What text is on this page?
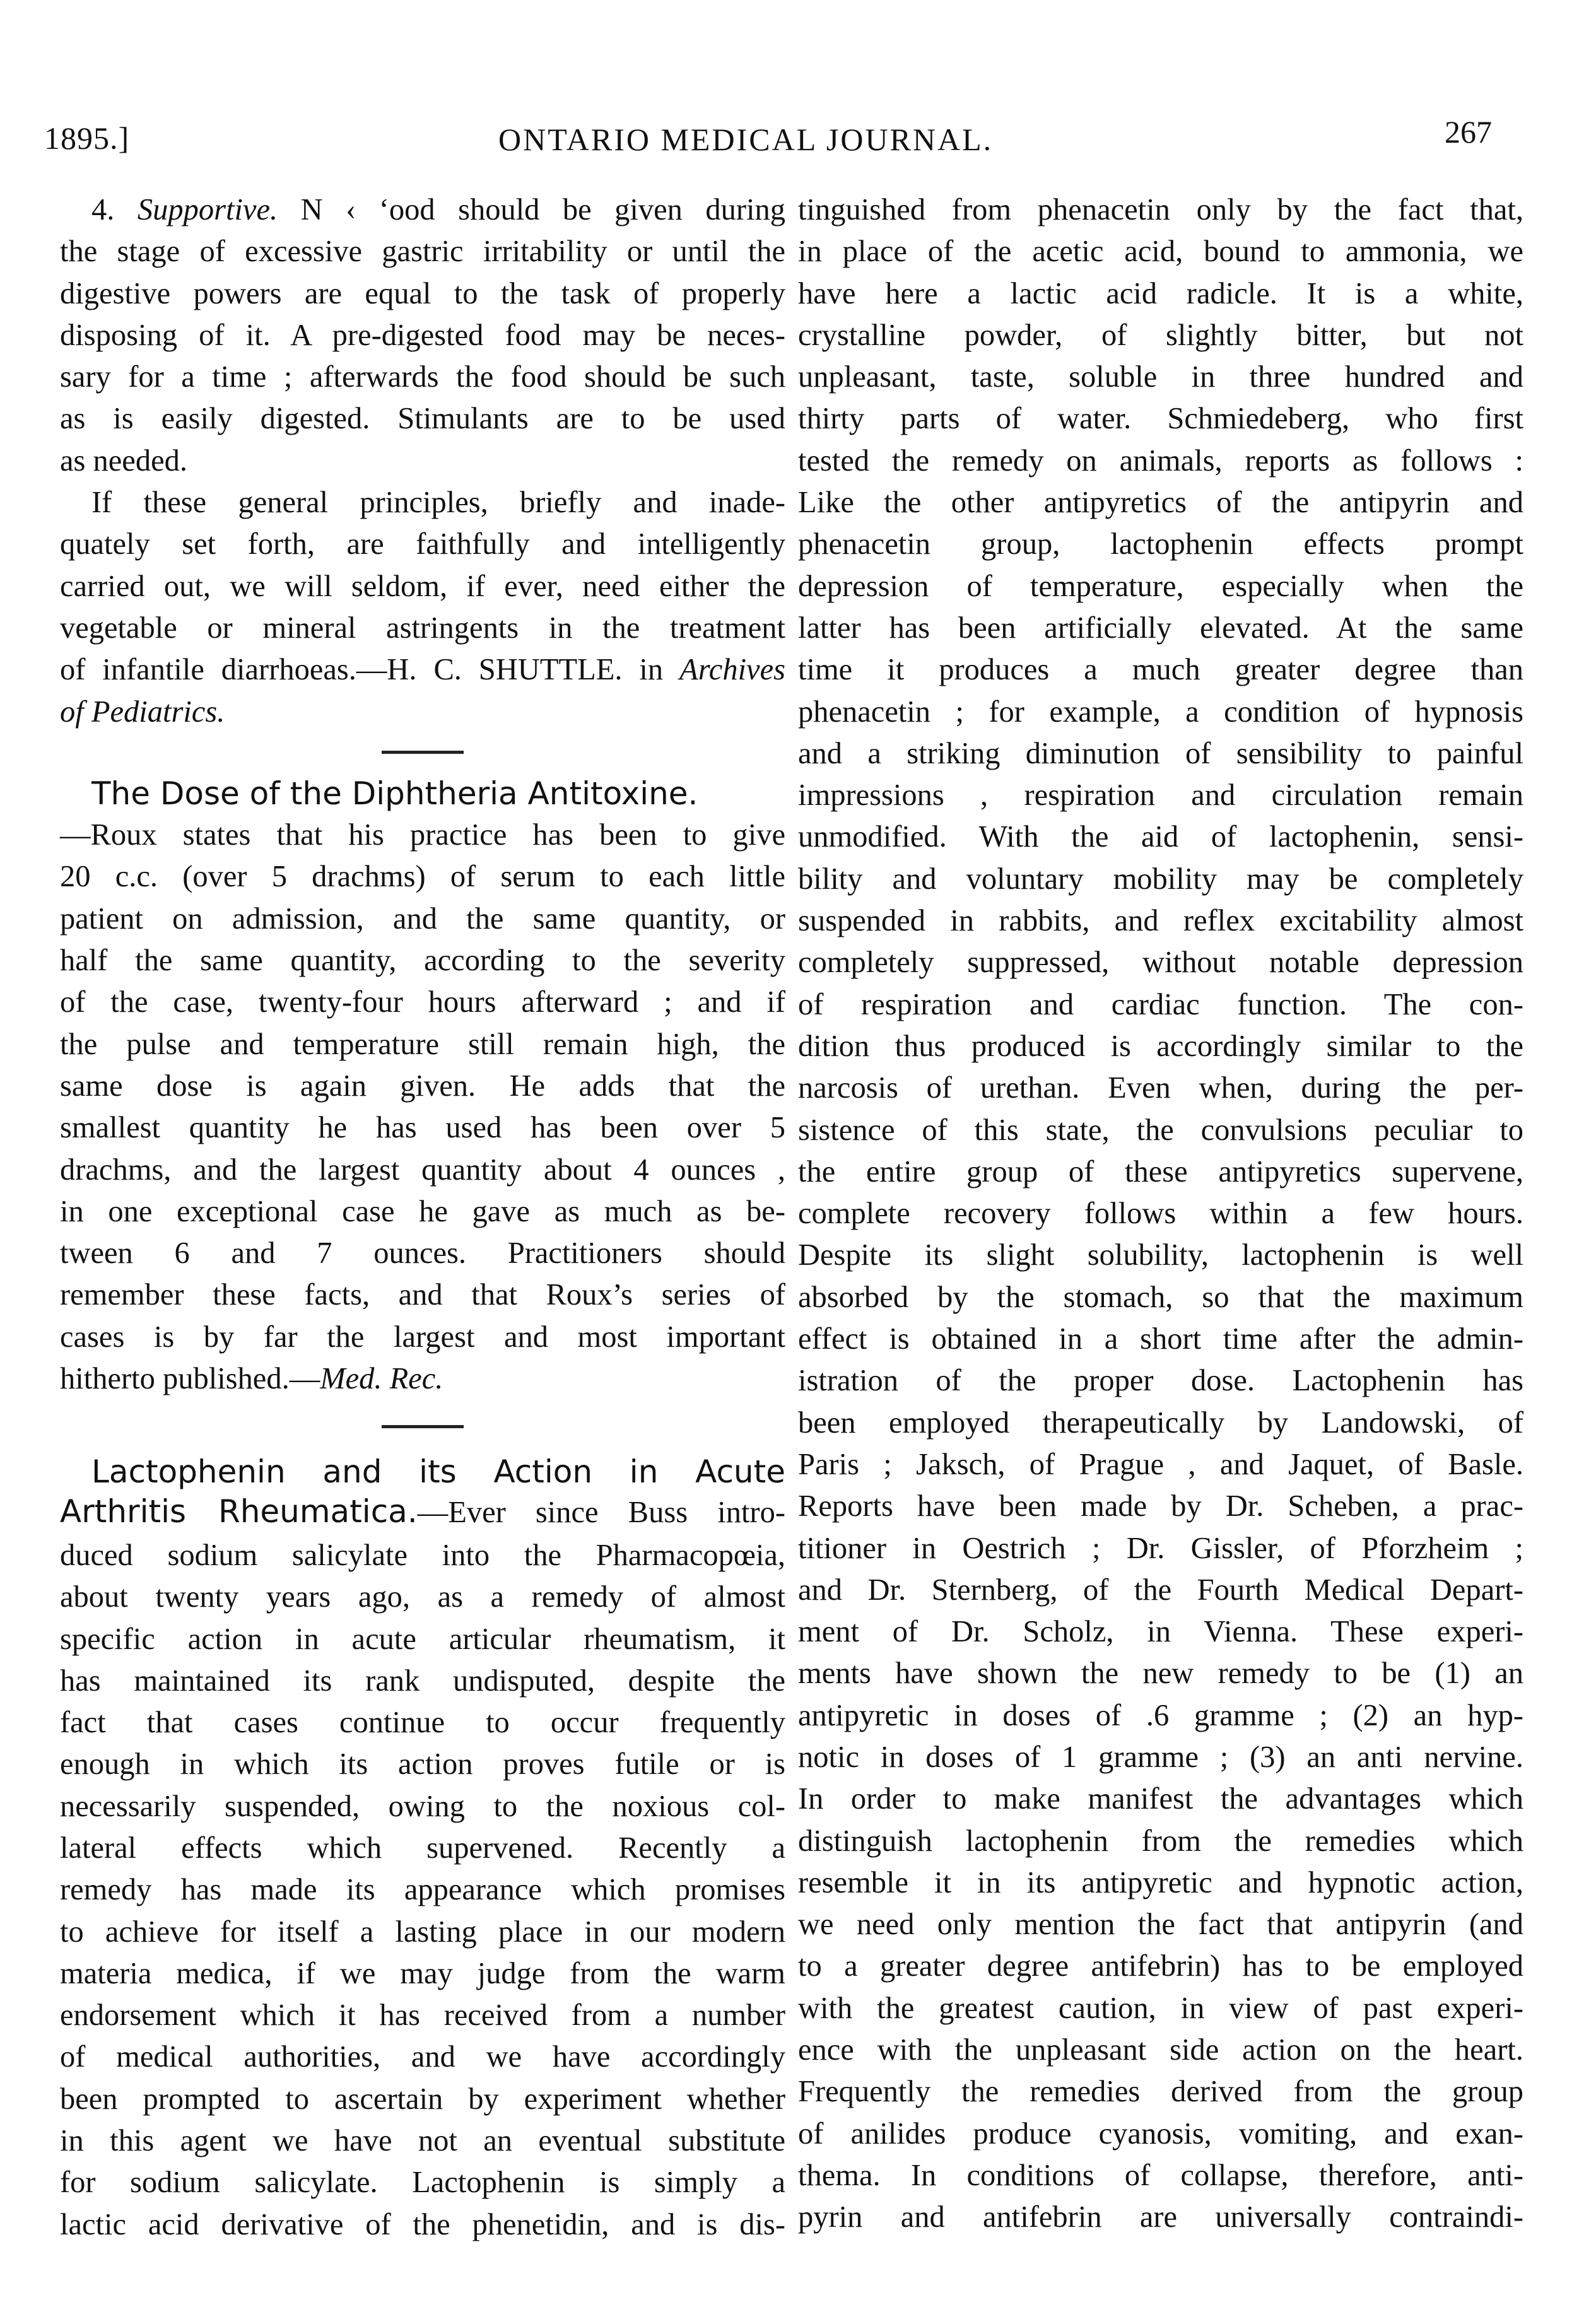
1895.]	ONTARIO MEDICAL JOURNAL.	267

4. Supportive. N ‹ ‘ood should be given during
the stage of excessive gastric irritability or until the
digestive powers are equal to the task of properly
disposing of it. A pre-digested food may be neces-
sary for a time ; afterwards the food should be such
as is easily digested. Stimulants are to be used
as needed.

If these general principles, briefly and inade-
quately set forth, are faithfully and intelligently
carried out, we will seldom, if ever, need either the
vegetable or mineral astringents in the treatment
of infantile diarrhoeas.—H. C. SHUTTLE. in Archives
of Pediatrics.

The Dose of the Diphtheria Antitoxine.

—Roux states that his practice has been to give
20 c.c. (over 5 drachms) of serum to each little
patient on admission, and the same quantity, or
half the same quantity, according to the severity
of the case, twenty-four hours afterward ; and if
the pulse and temperature still remain high, the
same dose is again given. He adds that the
smallest quantity he has used has been over 5
drachms, and the largest quantity about 4 ounces ,
in one exceptional case he gave as much as be-
tween 6 and 7 ounces. Practitioners should
remember these facts, and that Roux’s series of
cases is by far the largest and most important
hitherto published.—Med. Rec.

Lactophenin and its Action in Acute
Arthritis Rheumatica.—Ever since Buss intro-

duced sodium salicylate into the Pharmacopœia,
about twenty years ago, as a remedy of almost
specific action in acute articular rheumatism, it
has maintained its rank undisputed, despite the
fact that cases continue to occur frequently
enough in which its action proves futile or is
necessarily suspended, owing to the noxious col-
lateral effects which supervened. Recently a
remedy has made its appearance which promises
to achieve for itself a lasting place in our modern
materia medica, if we may judge from the warm
endorsement which it has received from a number
of medical authorities, and we have accordingly
been prompted to ascertain by experiment whether
in this agent we have not an eventual substitute
for sodium salicylate. Lactophenin is simply a
lactic acid derivative of the phenetidin, and is dis-

tinguished from phenacetin only by the fact that,
in place of the acetic acid, bound to ammonia, we
have here a lactic acid radicle. It is a white,
crystalline powder, of slightly bitter, but not
unpleasant, taste, soluble in three hundred and
thirty parts of water. Schmiedeberg, who first
tested the remedy on animals, reports as follows :
Like the other antipyretics of the antipyrin and
phenacetin group, lactophenin effects prompt
depression of temperature, especially when the
latter has been artificially elevated. At the same
time it produces a much greater degree than
phenacetin ; for example, a condition of hypnosis
and a striking diminution of sensibility to painful
impressions , respiration and circulation remain
unmodified. With the aid of lactophenin, sensi-
bility and voluntary mobility may be completely
suspended in rabbits, and reflex excitability almost
completely suppressed, without notable depression
of respiration and cardiac function. The con-
dition thus produced is accordingly similar to the
narcosis of urethan. Even when, during the per-
sistence of this state, the convulsions peculiar to
the entire group of these antipyretics supervene,
complete recovery follows within a few hours.
Despite its slight solubility, lactophenin is well
absorbed by the stomach, so that the maximum
effect is obtained in a short time after the admin-
istration of the proper dose. Lactophenin has
been employed therapeutically by Landowski, of
Paris ; Jaksch, of Prague , and Jaquet, of Basle.
Reports have been made by Dr. Scheben, a prac-
titioner in Oestrich ; Dr. Gissler, of Pforzheim ;
and Dr. Sternberg, of the Fourth Medical Depart-
ment of Dr. Scholz, in Vienna. These experi-
ments have shown the new remedy to be (1) an
antipyretic in doses of .6 gramme ; (2) an hyp-
notic in doses of 1 gramme ; (3) an anti nervine.
In order to make manifest the advantages which
distinguish lactophenin from the remedies which
resemble it in its antipyretic and hypnotic action,
we need only mention the fact that antipyrin (and
to a greater degree antifebrin) has to be employed
with the greatest caution, in view of past experi-
ence with the unpleasant side action on the heart.
Frequently the remedies derived from the group
of anilides produce cyanosis, vomiting, and exan-
thema. In conditions of collapse, therefore, anti-
pyrin and antifebrin are universally contraindi-
